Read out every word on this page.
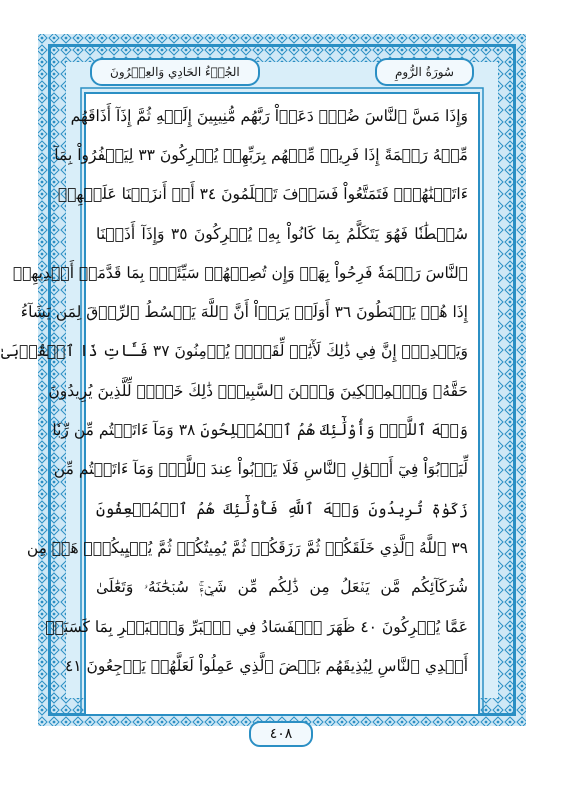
سُورَةُ الرُّومِ
الجُزۡءُ الحَادِي وَالعِشۡرُونَ
وَإِذَا مَسَّ ٱلنَّاسَ ضُرّٞ دَعَوۡاْ رَبَّهُم مُّنِيبِينَ إِلَيۡهِ ثُمَّ إِذَآ أَذَاقَهُم
مِّنۡهُ رَحۡمَةً إِذَا فَرِيقٞ مِّنۡهُم بِرَبِّهِمۡ يُشۡرِكُونَ ٣٣ لِيَكۡفُرُواْ بِمَآ
ءَاتَيۡنَٰهُمۡۚ فَتَمَتَّعُواْ فَسَوۡفَ تَعۡلَمُونَ ٣٤ أَمۡ أَنزَلۡنَا عَلَيۡهِمۡ
سُلۡطَٰنٗا فَهُوَ يَتَكَلَّمُ بِمَا كَانُواْ بِهِۦ يُشۡرِكُونَ ٣٥ وَإِذَآ أَذَقۡنَا
ٱلنَّاسَ رَحۡمَةٗ فَرِحُواْ بِهَاۖ وَإِن تُصِبۡهُمۡ سَيِّئَةُۢ بِمَا قَدَّمَتۡ أَيۡدِيهِمۡ
إِذَا هُمۡ يَقۡنَطُونَ ٣٦ أَوَلَمۡ يَرَوۡاْ أَنَّ ٱللَّهَ يَبۡسُطُ ٱلرِّزۡقَ لِمَن يَشَآءُ
وَيَقۡدِرُۚ إِنَّ فِي ذَٰلِكَ لَأٓيَٰتٖ لِّقَوۡمٖ يُؤۡمِنُونَ ٣٧ فَـَٔاتِ ذَا ٱلۡقُرۡبَىٰ
حَقَّهُۥ وَٱلۡمِسۡكِينَ وَٱبۡنَ ٱلسَّبِيلِۚ ذَٰلِكَ خَيۡرٞ لِّلَّذِينَ يُرِيدُونَ
وَجۡهَ ٱللَّهِۖ وَأُوْلَٰٓئِكَ هُمُ ٱلۡمُفۡلِحُونَ ٣٨ وَمَآ ءَاتَيۡتُم مِّن رِّبٗا
لِّيَرۡبُوَاْ فِيٓ أَمۡوَٰلِ ٱلنَّاسِ فَلَا يَرۡبُواْ عِندَ ٱللَّهِۖ وَمَآ ءَاتَيۡتُم مِّن
زَكَوٰةٖ تُرِيدُونَ وَجۡهَ ٱللَّهِ فَأُوْلَٰٓئِكَ هُمُ ٱلۡمُضۡعِفُونَ
٣٩ ٱللَّهُ ٱلَّذِي خَلَقَكُمۡ ثُمَّ رَزَقَكُمۡ ثُمَّ يُمِيتُكُمۡ ثُمَّ يُحۡيِيكُمۡۖ هَلۡ مِن
شُرَكَآئِكُم مَّن يَفۡعَلُ مِن ذَٰلِكُم مِّن شَيۡءٖۚ سُبۡحَٰنَهُۥ وَتَعَٰلَىٰ
عَمَّا يُشۡرِكُونَ ٤٠ ظَهَرَ ٱلۡفَسَادُ فِي ٱلۡبَرِّ وَٱلۡبَحۡرِ بِمَا كَسَبَتۡ
أَيۡدِي ٱلنَّاسِ لِيُذِيقَهُم بَعۡضَ ٱلَّذِي عَمِلُواْ لَعَلَّهُمۡ يَرۡجِعُونَ ٤١
٤٠٨
